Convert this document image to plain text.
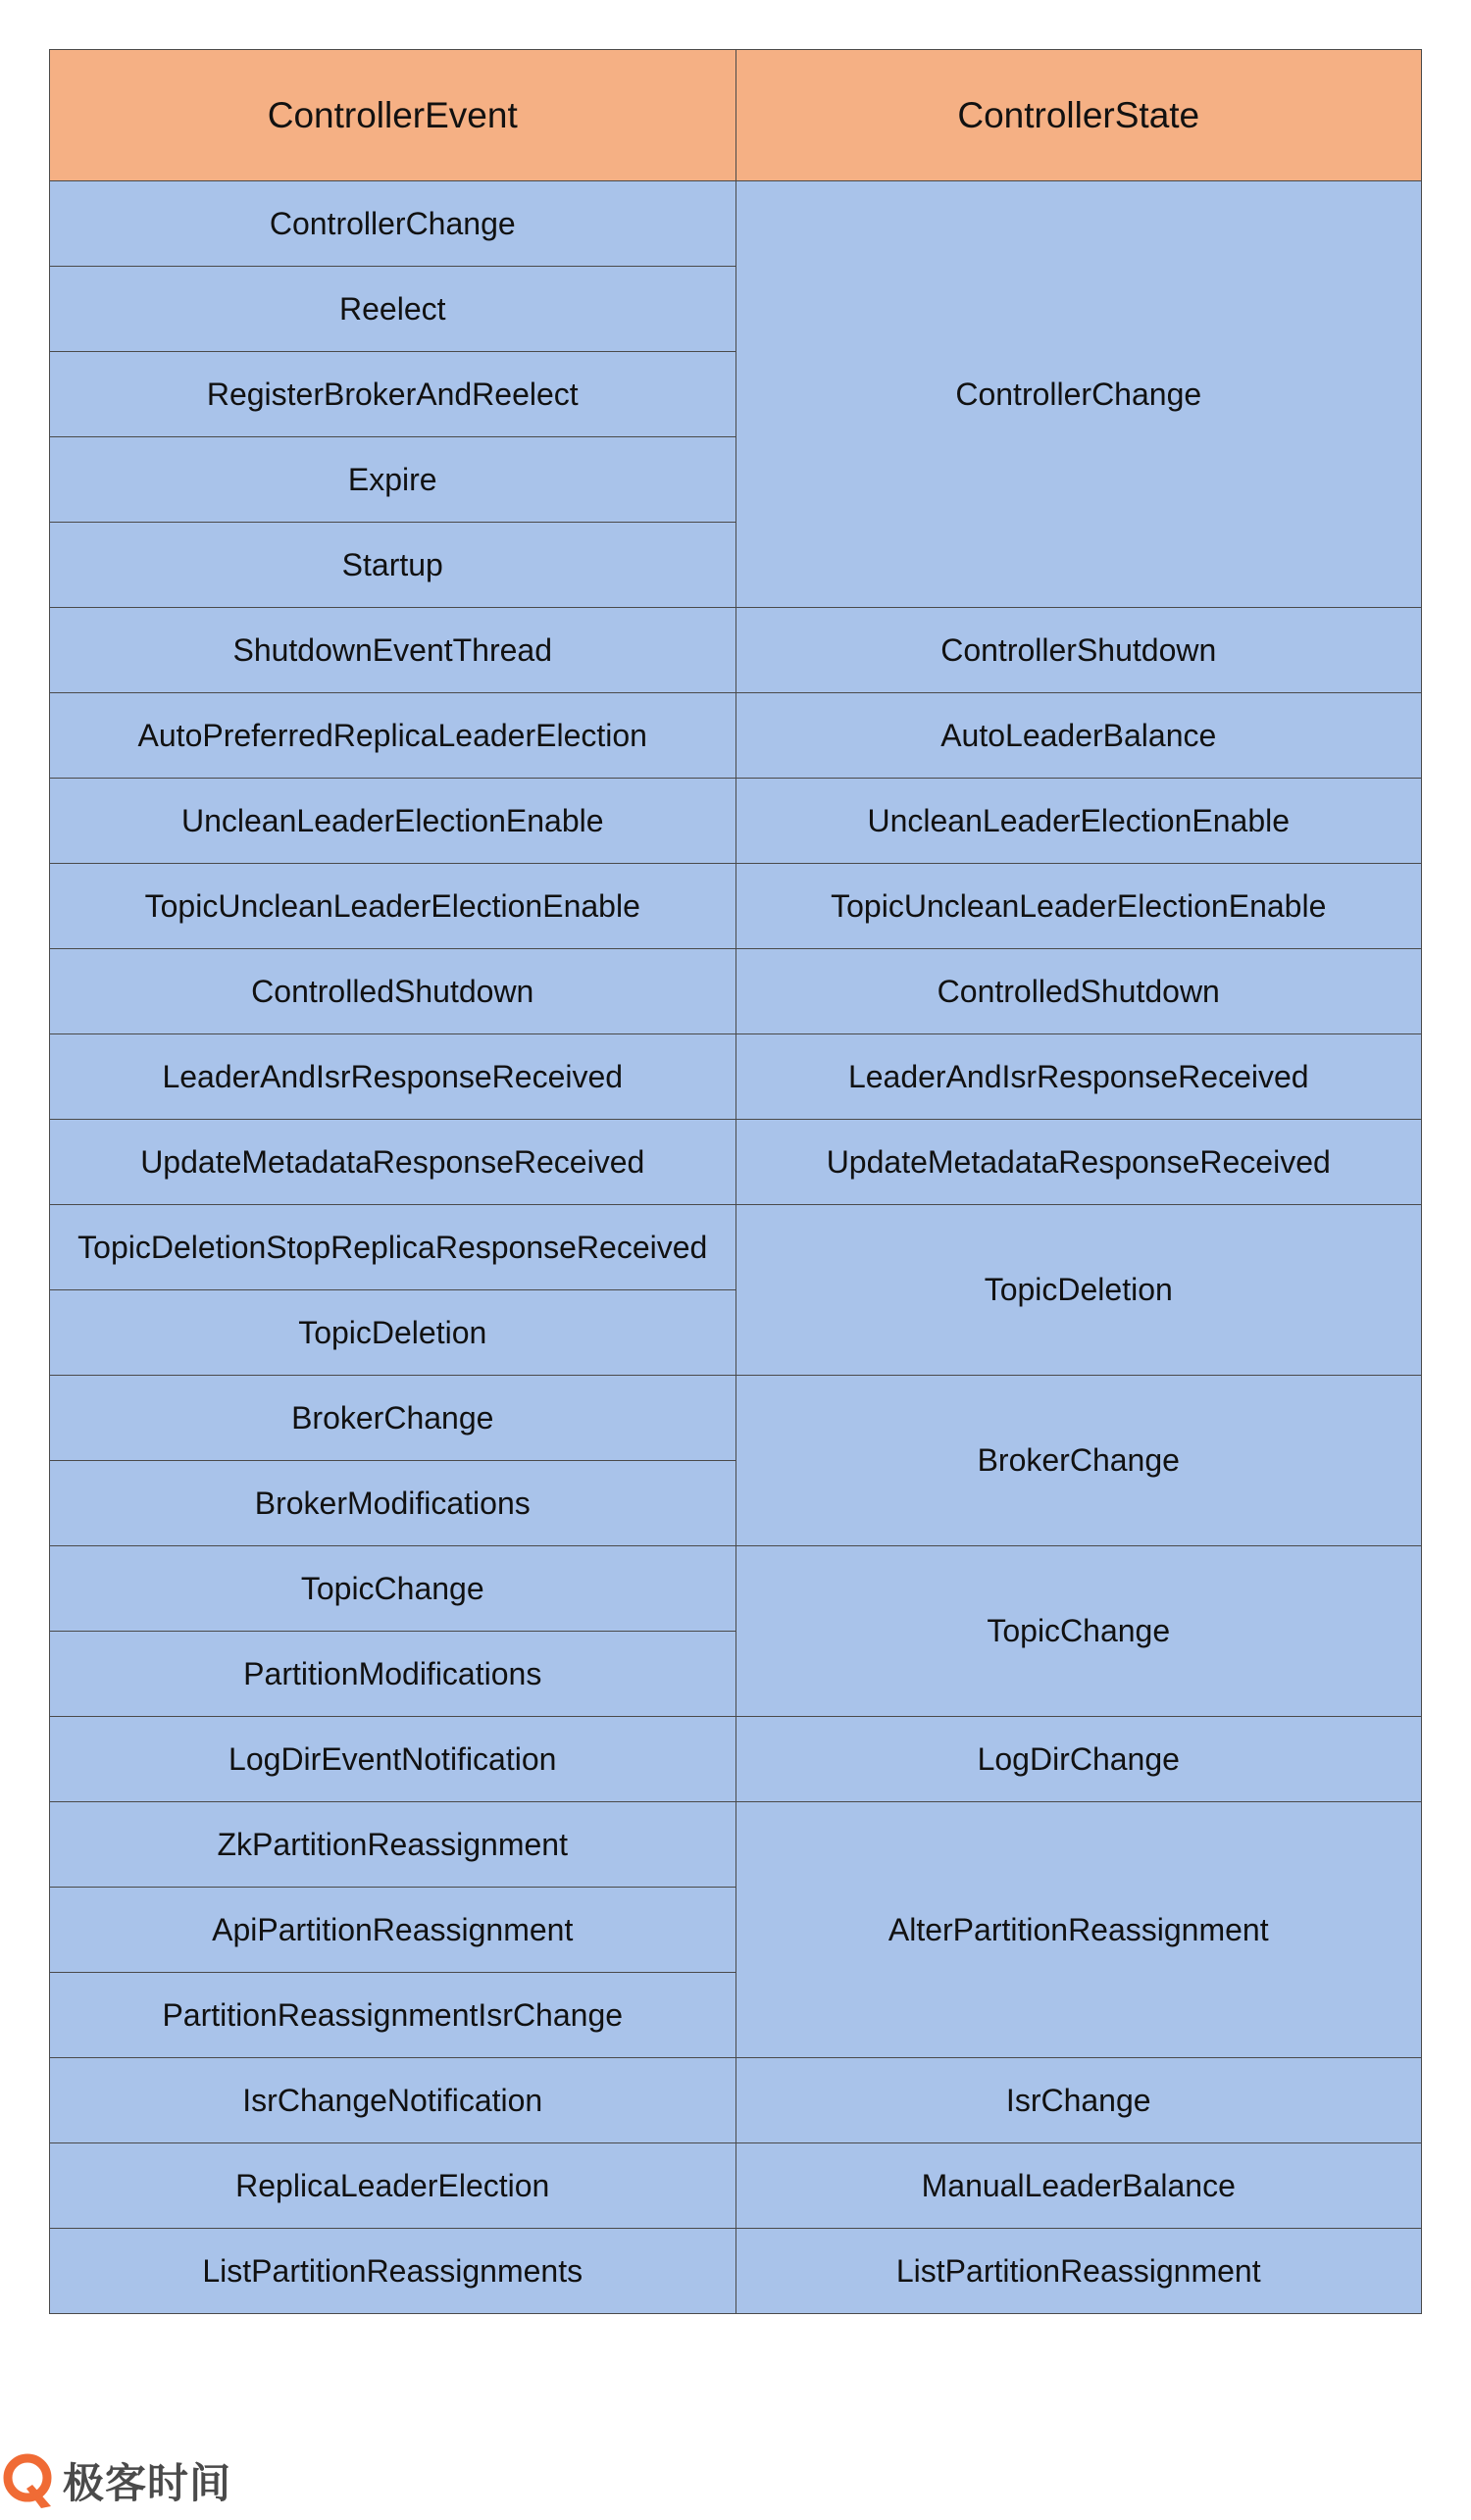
ControllerEvent	ControllerState
ControllerChange	ControllerChange
Reelect	
RegisterBrokerAndReelect	
Expire	
Startup	
ShutdownEventThread	ControllerShutdown
AutoPreferredReplicaLeaderElection	AutoLeaderBalance
UncleanLeaderElectionEnable	UncleanLeaderElectionEnable
TopicUncleanLeaderElectionEnable	TopicUncleanLeaderElectionEnable
ControlledShutdown	ControlledShutdown
LeaderAndIsrResponseReceived	LeaderAndIsrResponseReceived
UpdateMetadataResponseReceived	UpdateMetadataResponseReceived
TopicDeletionStopReplicaResponseReceived	TopicDeletion
TopicDeletion	
BrokerChange	BrokerChange
BrokerModifications	
TopicChange	TopicChange
PartitionModifications	
LogDirEventNotification	LogDirChange
ZkPartitionReassignment	AlterPartitionReassignment
ApiPartitionReassignment	
PartitionReassignmentIsrChange	
IsrChangeNotification	IsrChange
ReplicaLeaderElection	ManualLeaderBalance
ListPartitionReassignments	ListPartitionReassignment
极客时间
